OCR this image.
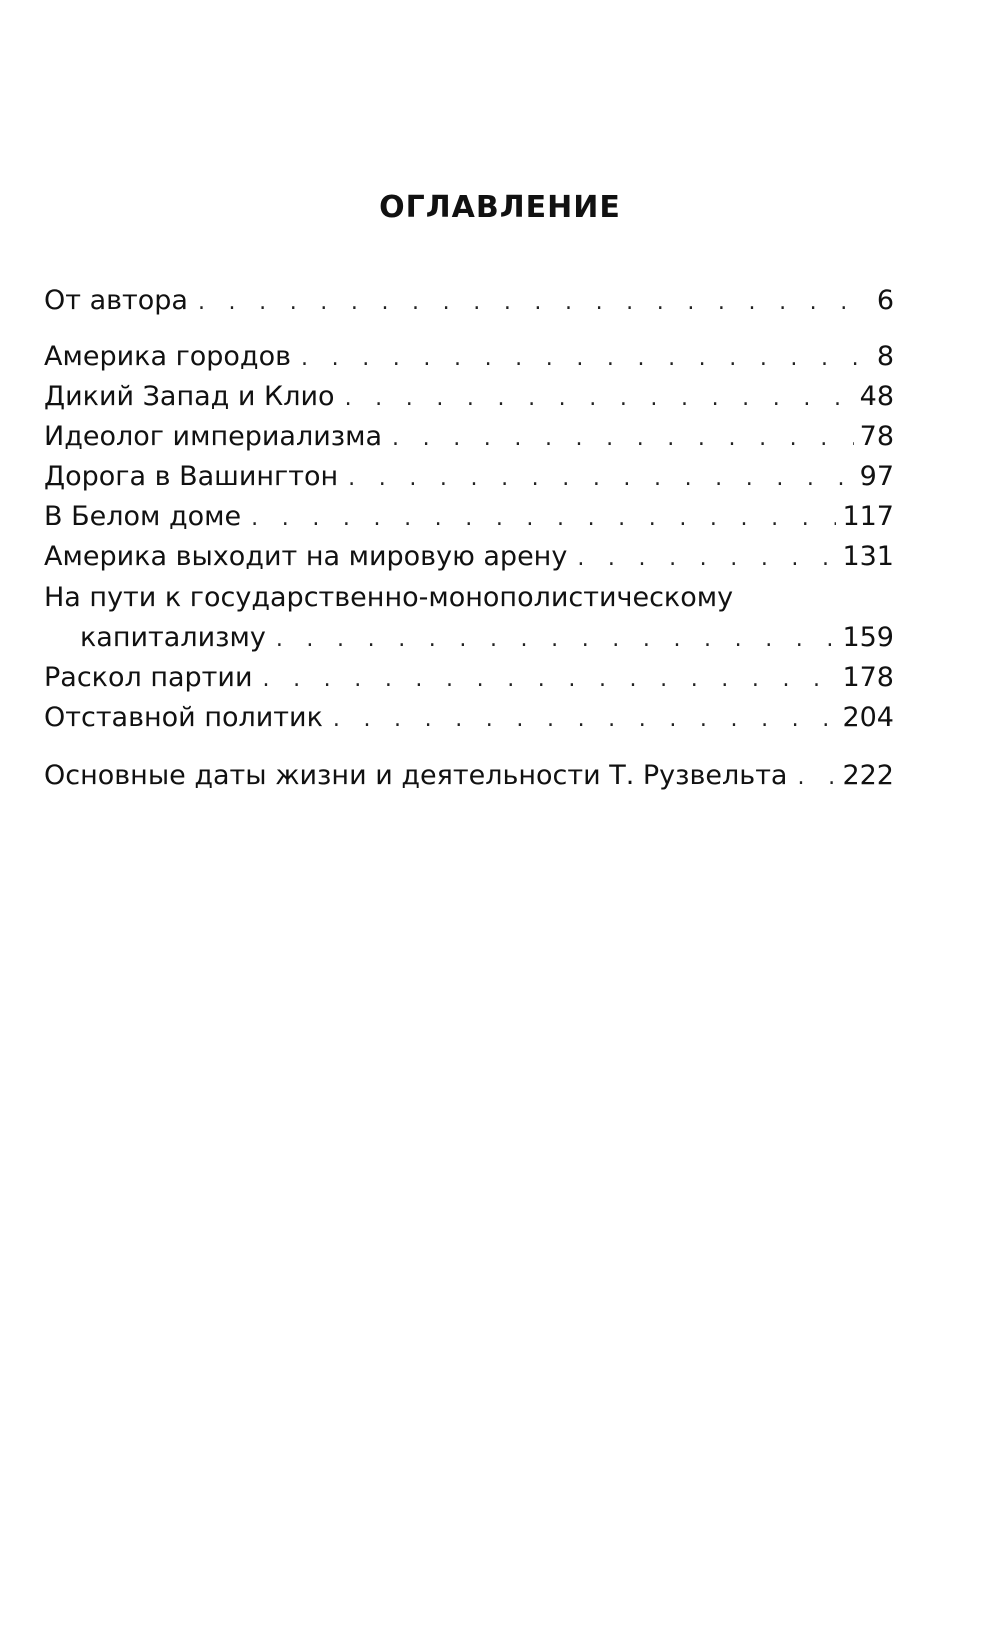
ОГЛАВЛЕНИЕ
От автора . . .	6
Америка городов . . .	8
Дикий Запад и Клио . . .	48
Идеолог империализма . . .	78
Дорога в Вашингтон . . .	97
В Белом доме . . .	117
Америка выходит на мировую арену . . .	131
На пути к государственно-монополистическому
капитализму . . .	159
Раскол партии . . .	178
Отставной политик . . .	204
Основные даты жизни и деятельности Т. Рузвельта . . . 222
